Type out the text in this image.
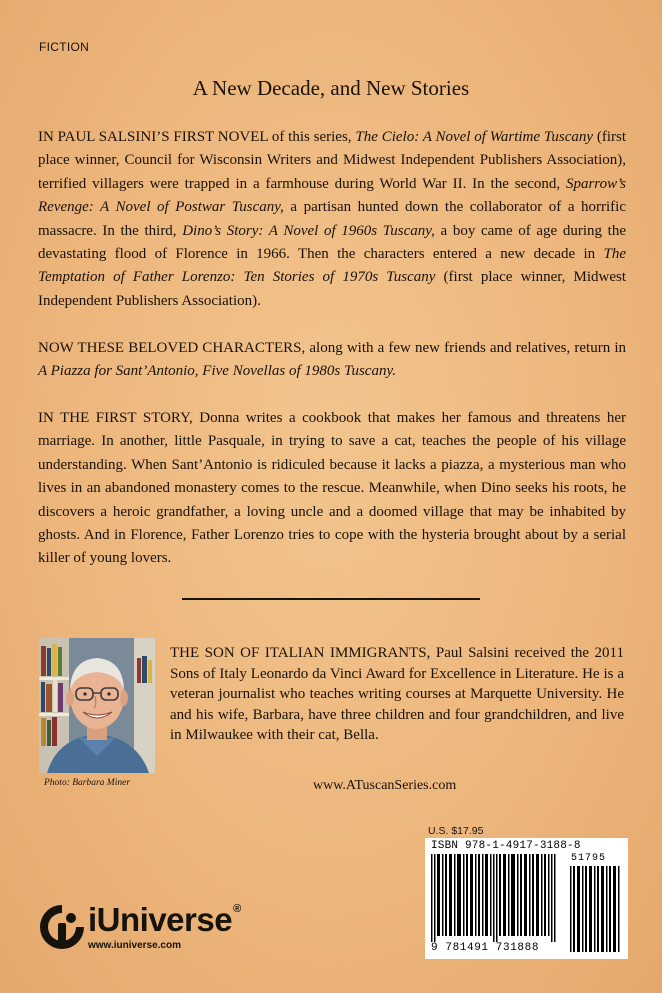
FICTION
A New Decade, and New Stories

IN PAUL SALSINI’S FIRST NOVEL of this series, The Cielo: A Novel of Wartime Tuscany (first place winner, Council for Wisconsin Writers and Midwest Independent Publishers Association), terrified villagers were trapped in a farmhouse during World War II. In the second, Sparrow’s Revenge: A Novel of Postwar Tuscany, a partisan hunted down the collaborator of a horrific massacre. In the third, Dino’s Story: A Novel of 1960s Tuscany, a boy came of age during the devastating flood of Florence in 1966. Then the characters entered a new decade in The Temptation of Father Lorenzo: Ten Stories of 1970s Tuscany (first place winner, Midwest Independent Publishers Association).

NOW THESE BELOVED CHARACTERS, along with a few new friends and relatives, return in A Piazza for Sant’Antonio, Five Novellas of 1980s Tuscany.

IN THE FIRST STORY, Donna writes a cookbook that makes her famous and threatens her marriage. In another, little Pasquale, in trying to save a cat, teaches the people of his village understanding. When Sant’Antonio is ridiculed because it lacks a piazza, a mysterious man who lives in an abandoned monastery comes to the rescue. Meanwhile, when Dino seeks his roots, he discovers a heroic grandfather, a loving uncle and a doomed village that may be inhabited by ghosts. And in Florence, Father Lorenzo tries to cope with the hysteria brought about by a serial killer of young lovers.

Photo: Barbara Miner

THE SON OF ITALIAN IMMIGRANTS, Paul Salsini received the 2011 Sons of Italy Leonardo da Vinci Award for Excellence in Literature. He is a veteran journalist who teaches writing courses at Marquette University. He and his wife, Barbara, have three children and four grandchildren, and live in Milwaukee with their cat, Bella.

www.ATuscanSeries.com
U.S. $17.95
ISBN 978-1-4917-3188-8
51795
9 781491 731888
iUniverse®
www.iuniverse.com
